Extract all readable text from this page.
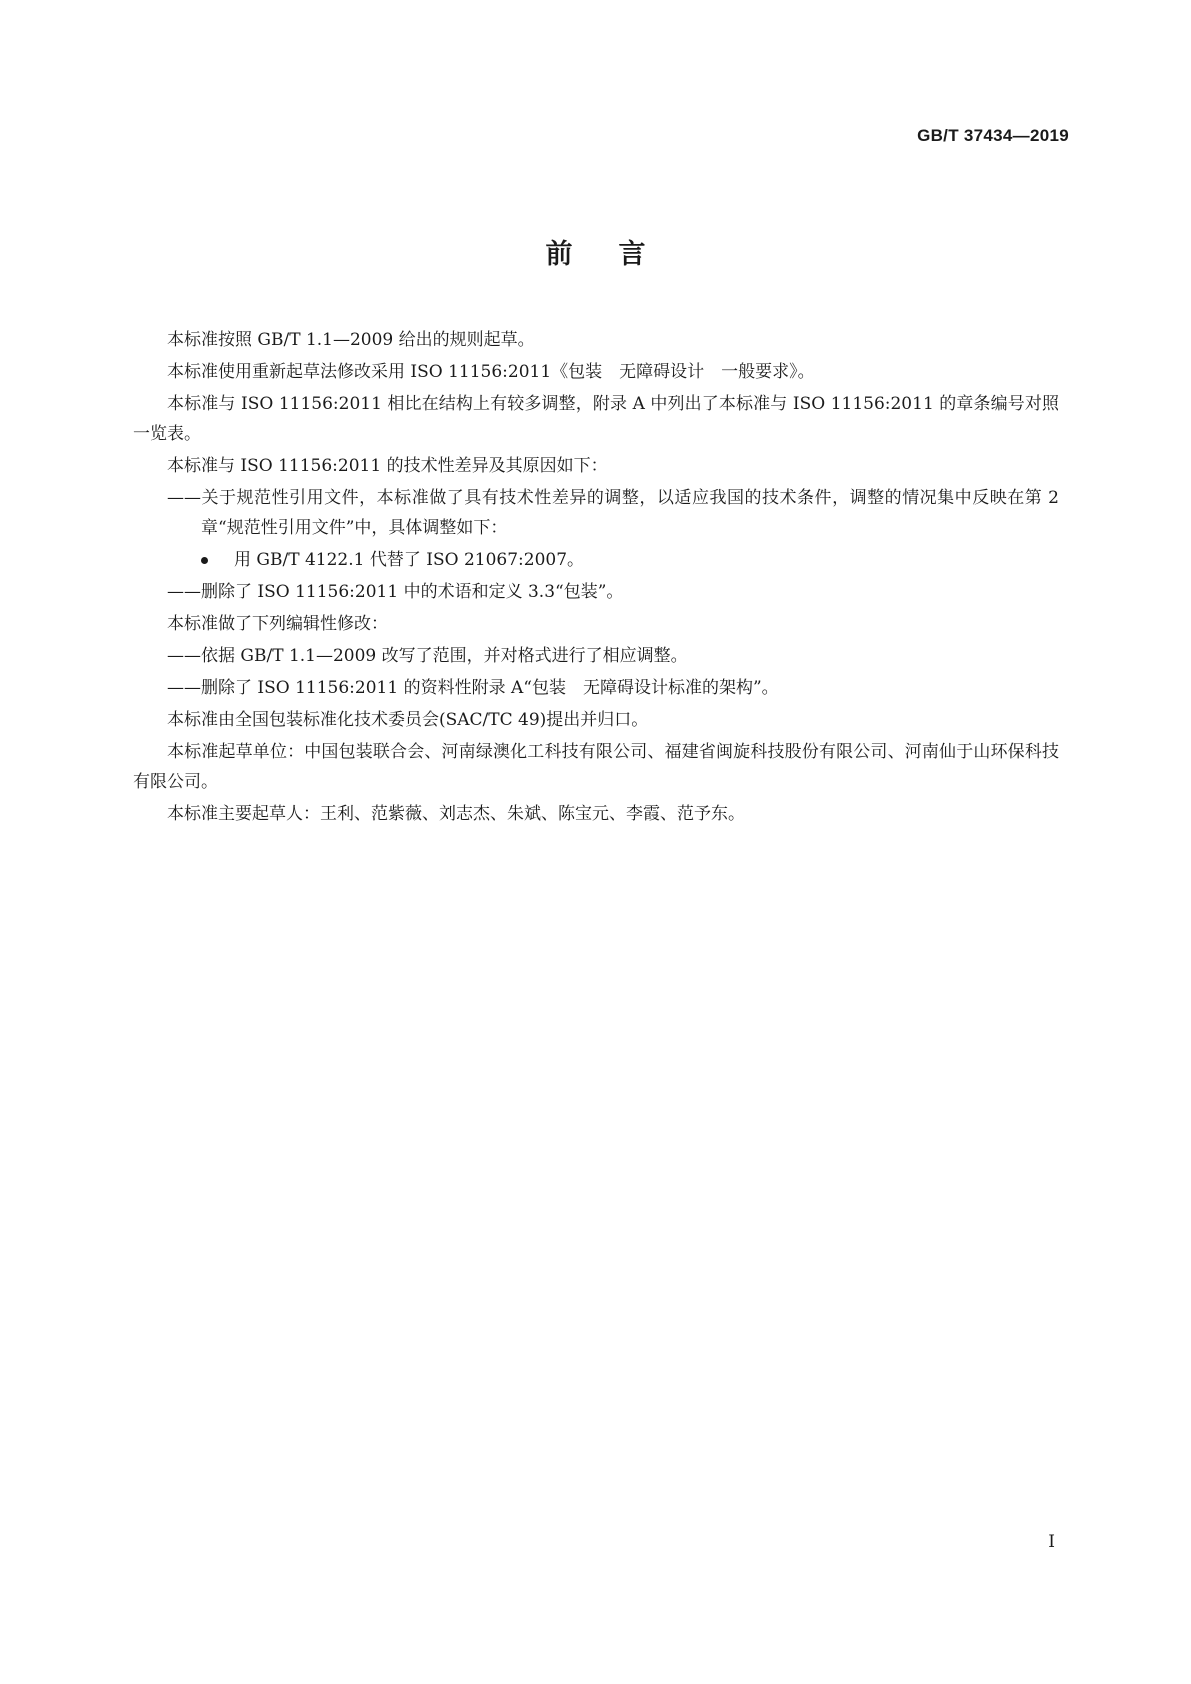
GB/T 37434—2019
前言

本标准按照 GB/T 1.1—2009 给出的规则起草。

本标准使用重新起草法修改采用 ISO 11156:2011《包装　无障碍设计　一般要求》。

本标准与 ISO 11156:2011 相比在结构上有较多调整，附录 A 中列出了本标准与 ISO 11156:2011 的章条编号对照一览表。

本标准与 ISO 11156:2011 的技术性差异及其原因如下：

——关于规范性引用文件，本标准做了具有技术性差异的调整，以适应我国的技术条件，调整的情况集中反映在第 2 章“规范性引用文件”中，具体调整如下：

用 GB/T 4122.1 代替了 ISO 21067:2007。

——删除了 ISO 11156:2011 中的术语和定义 3.3“包装”。

本标准做了下列编辑性修改：

——依据 GB/T 1.1—2009 改写了范围，并对格式进行了相应调整。

——删除了 ISO 11156:2011 的资料性附录 A“包装　无障碍设计标准的架构”。

本标准由全国包装标准化技术委员会(SAC/TC 49)提出并归口。

本标准起草单位：中国包装联合会、河南绿澳化工科技有限公司、福建省闽旋科技股份有限公司、河南仙于山环保科技有限公司。

本标准主要起草人：王利、范紫薇、刘志杰、朱斌、陈宝元、李霞、范予东。

I
